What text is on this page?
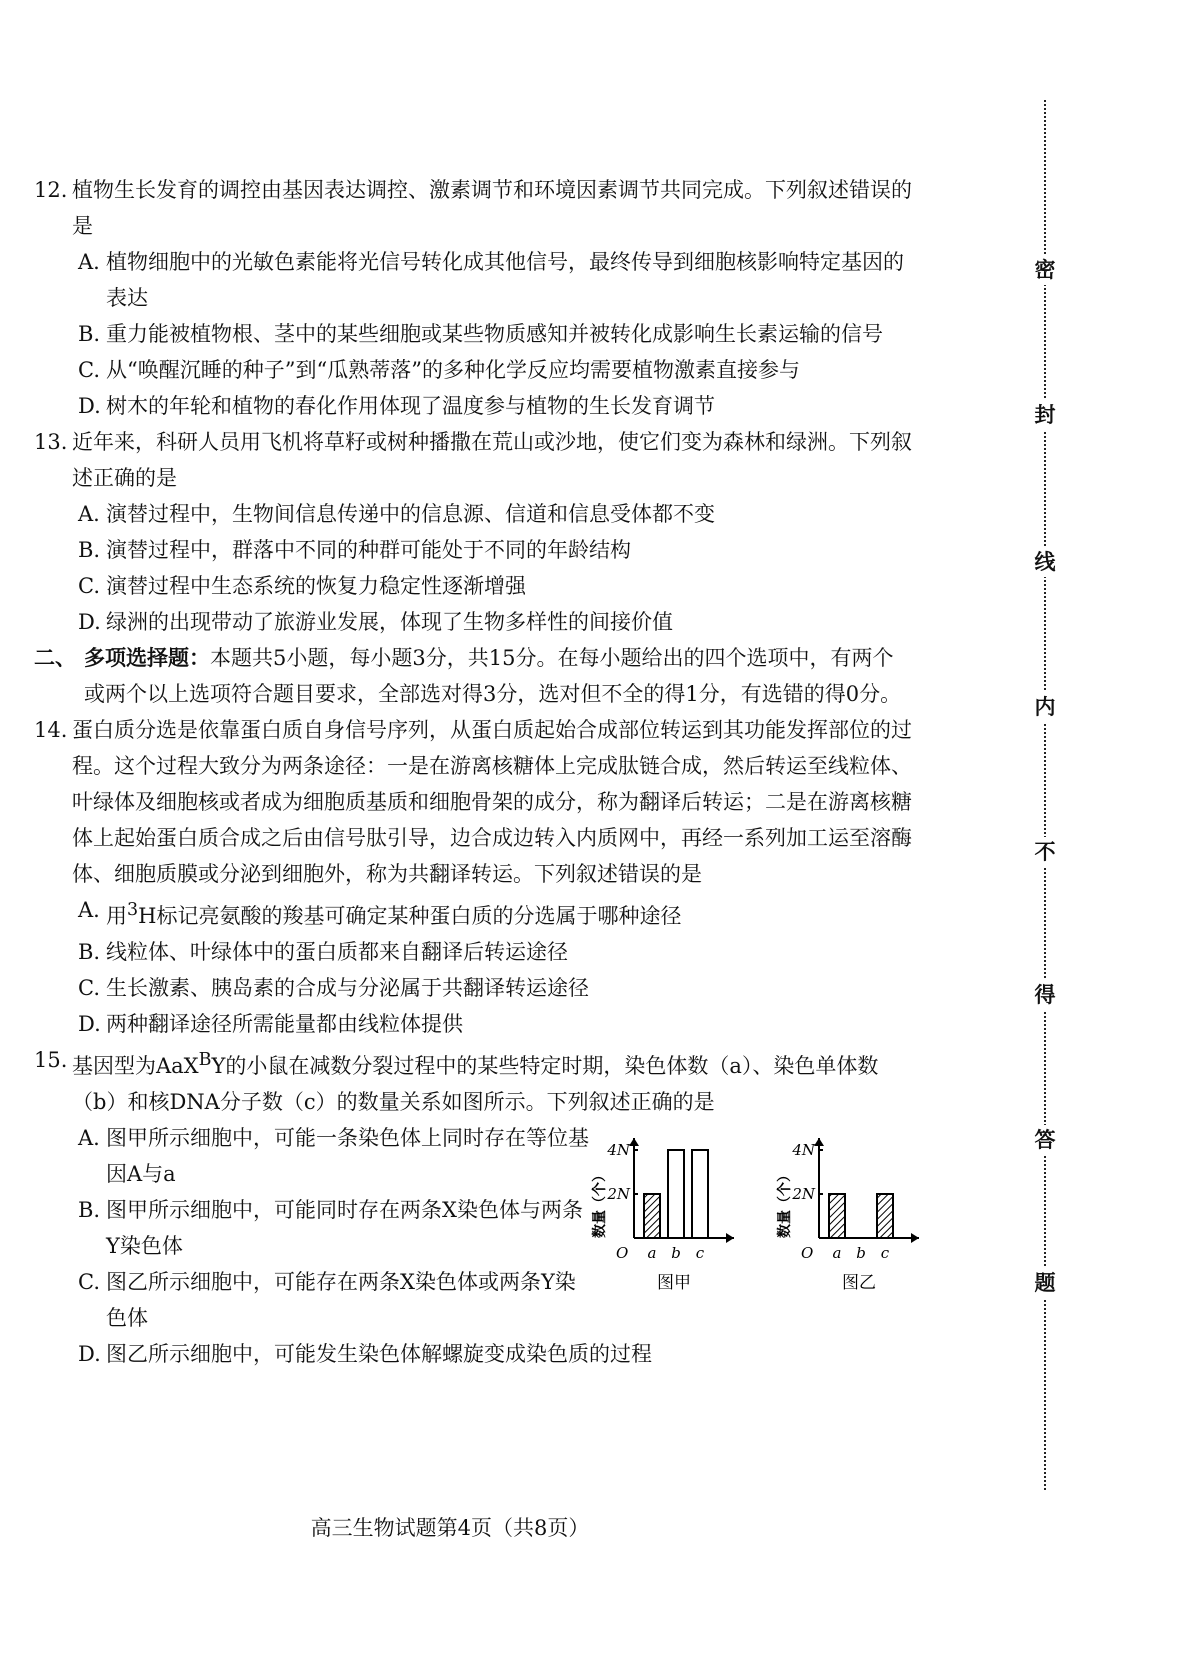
12. 植物生长发育的调控由基因表达调控、激素调节和环境因素调节共同完成。下列叙述错误的是
A. 植物细胞中的光敏色素能将光信号转化成其他信号，最终传导到细胞核影响特定基因的表达
B. 重力能被植物根、茎中的某些细胞或某些物质感知并被转化成影响生长素运输的信号
C. 从“唤醒沉睡的种子”到“瓜熟蒂落”的多种化学反应均需要植物激素直接参与
D. 树木的年轮和植物的春化作用体现了温度参与植物的生长发育调节
13. 近年来，科研人员用飞机将草籽或树种播撒在荒山或沙地，使它们变为森林和绿洲。下列叙述正确的是
A. 演替过程中，生物间信息传递中的信息源、信道和信息受体都不变
B. 演替过程中，群落中不同的种群可能处于不同的年龄结构
C. 演替过程中生态系统的恢复力稳定性逐渐增强
D. 绿洲的出现带动了旅游业发展，体现了生物多样性的间接价值
二、 多项选择题：本题共5小题，每小题3分，共15分。在每小题给出的四个选项中，有两个或两个以上选项符合题目要求，全部选对得3分，选对但不全的得1分，有选错的得0分。
14. 蛋白质分选是依靠蛋白质自身信号序列，从蛋白质起始合成部位转运到其功能发挥部位的过程。这个过程大致分为两条途径：一是在游离核糖体上完成肽链合成，然后转运至线粒体、叶绿体及细胞核或者成为细胞质基质和细胞骨架的成分，称为翻译后转运；二是在游离核糖体上起始蛋白质合成之后由信号肽引导，边合成边转入内质网中，再经一系列加工运至溶酶体、细胞质膜或分泌到细胞外，称为共翻译转运。下列叙述错误的是
A. 用$^3$H标记亮氨酸的羧基可确定某种蛋白质的分选属于哪种途径
B. 线粒体、叶绿体中的蛋白质都来自翻译后转运途径
C. 生长激素、胰岛素的合成与分泌属于共翻译转运途径
D. 两种翻译途径所需能量都由线粒体提供
15. 基因型为AaX$^B$Y的小鼠在减数分裂过程中的某些特定时期，染色体数（a）、染色单体数（b）和核DNA分子数（c）的数量关系如图所示。下列叙述正确的是
A. 图甲所示细胞中，可能一条染色体上同时存在等位基因A与a
B. 图甲所示细胞中，可能同时存在两条X染色体与两条Y染色体
C. 图乙所示细胞中，可能存在两条X染色体或两条Y染色体
D. 图乙所示细胞中，可能发生染色体解螺旋变成染色质的过程
2N
4N
数量（个）
O a b c
图甲
2N
4N
数量（个）
O a b c
图乙
高三生物试题第4页（共8页）
密
封
线
内
不
得
答
题
